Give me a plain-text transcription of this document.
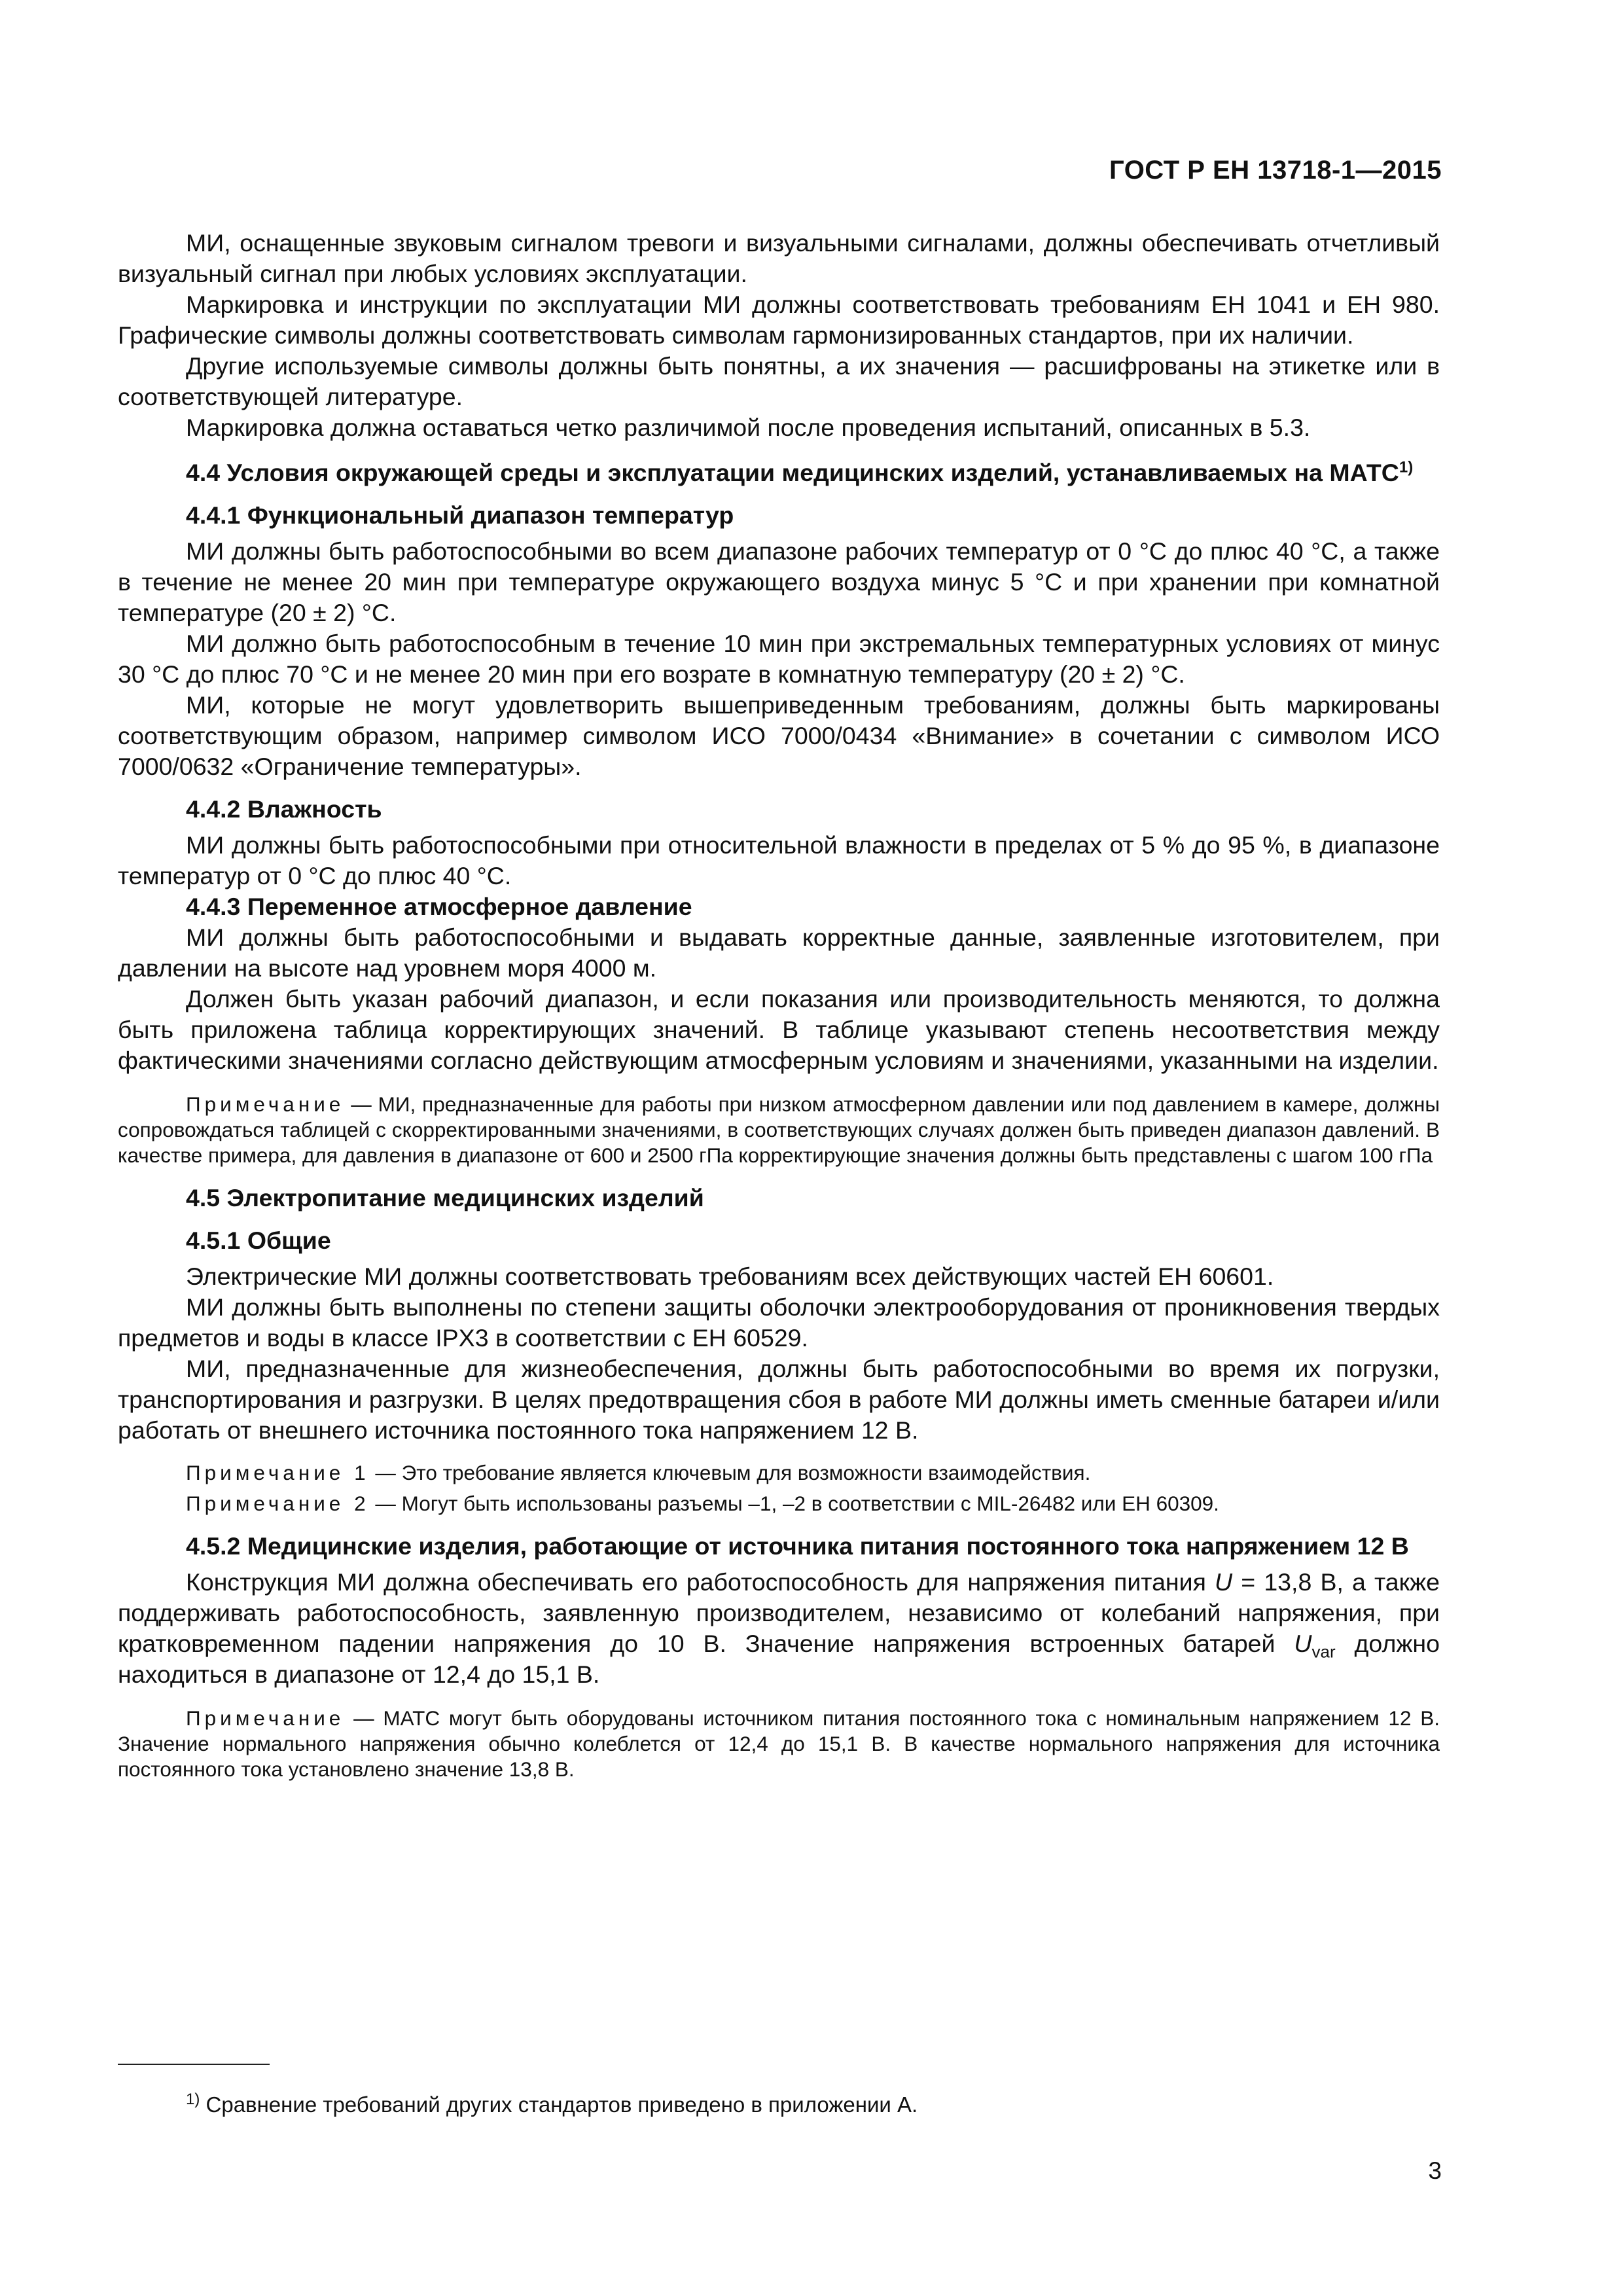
ГОСТ Р ЕН 13718-1—2015

МИ, оснащенные звуковым сигналом тревоги и визуальными сигналами, должны обеспечивать отчетливый визуальный сигнал при любых условиях эксплуатации.

Маркировка и инструкции по эксплуатации МИ должны соответствовать требованиям ЕН 1041 и ЕН 980. Графические символы должны соответствовать символам гармонизированных стандартов, при их наличии.

Другие используемые символы должны быть понятны, а их значения — расшифрованы на этикетке или в соответствующей литературе.

Маркировка должна оставаться четко различимой после проведения испытаний, описанных в 5.3.

4.4 Условия окружающей среды и эксплуатации медицинских изделий, устанавливаемых на МАТС$^{1)}$

4.4.1 Функциональный диапазон температур

МИ должны быть работоспособными во всем диапазоне рабочих температур от 0 °С до плюс 40 °С, а также в течение не менее 20 мин при температуре окружающего воздуха минус 5 °С и при хранении при комнатной температуре (20 ± 2) °С.

МИ должно быть работоспособным в течение 10 мин при экстремальных температурных условиях от минус 30 °С до плюс 70 °С и не менее 20 мин при его возрате в комнатную температуру (20 ± 2) °С.

МИ, которые не могут удовлетворить вышеприведенным требованиям, должны быть маркированы соответствующим образом, например символом ИСО 7000/0434 «Внимание» в сочетании с символом ИСО 7000/0632 «Ограничение температуры».

4.4.2 Влажность

МИ должны быть работоспособными при относительной влажности в пределах от 5 % до 95 %, в диапазоне температур от 0 °С до плюс 40 °С.

4.4.3 Переменное атмосферное давление

МИ должны быть работоспособными и выдавать корректные данные, заявленные изготовителем, при давлении на высоте над уровнем моря 4000 м.

Должен быть указан рабочий диапазон, и если показания или производительность меняются, то должна быть приложена таблица корректирующих значений. В таблице указывают степень несоответствия между фактическими значениями согласно действующим атмосферным условиям и значениями, указанными на изделии.

Примечание — МИ, предназначенные для работы при низком атмосферном давлении или под давлением в камере, должны сопровождаться таблицей с скорректированными значениями, в соответствующих случаях должен быть приведен диапазон давлений. В качестве примера, для давления в диапазоне от 600 и 2500 гПа корректирующие значения должны быть представлены с шагом 100 гПа

4.5 Электропитание медицинских изделий

4.5.1 Общие

Электрические МИ должны соответствовать требованиям всех действующих частей ЕН 60601.

МИ должны быть выполнены по степени защиты оболочки электрооборудования от проникновения твердых предметов и воды в классе IPX3 в соответствии с ЕН 60529.

МИ, предназначенные для жизнеобеспечения, должны быть работоспособными во время их погрузки, транспортирования и разгрузки. В целях предотвращения сбоя в работе МИ должны иметь сменные батареи и/или работать от внешнего источника постоянного тока напряжением 12 В.

Примечание 1 — Это требование является ключевым для возможности взаимодействия.

Примечание 2 — Могут быть использованы разъемы –1, –2 в соответствии с MIL-26482 или ЕН 60309.

4.5.2 Медицинские изделия, работающие от источника питания постоянного тока напряжением 12 В

Конструкция МИ должна обеспечивать его работоспособность для напряжения питания U = 13,8 В, а также поддерживать работоспособность, заявленную производителем, независимо от колебаний напряжения, при кратковременном падении напряжения до 10 В. Значение напряжения встроенных батарей $U_{var}$ должно находиться в диапазоне от 12,4 до 15,1 В.

Примечание — МАТС могут быть оборудованы источником питания постоянного тока с номинальным напряжением 12 В. Значение нормального напряжения обычно колеблется от 12,4 до 15,1 В. В качестве нормального напряжения для источника постоянного тока установлено значение 13,8 В.

$^{1)}$ Сравнение требований других стандартов приведено в приложении А.
3
